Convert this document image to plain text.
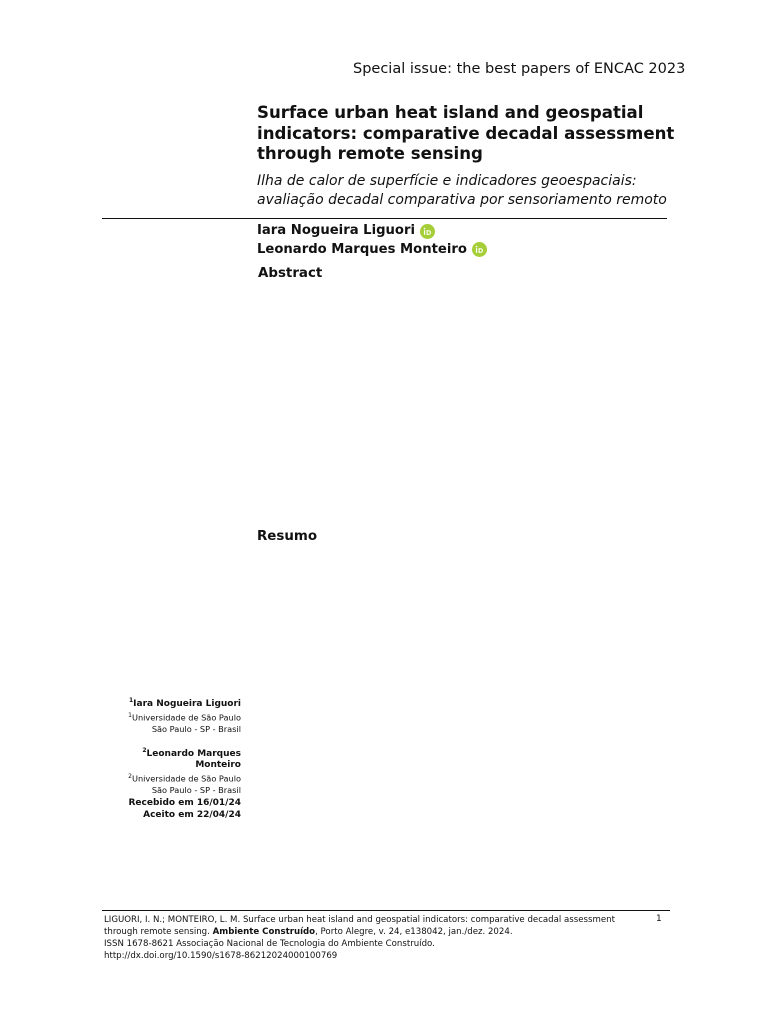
Special issue: the best papers of ENCAC 2023
Surface urban heat island and geospatial indicators: comparative decadal assessment through remote sensing
Ilha de calor de superfície e indicadores geoespaciais: avaliação decadal comparativa por sensoriamento remoto
Iara Nogueira Liguori
Leonardo Marques Monteiro
Abstract
Resumo
$^1$Iara Nogueira Liguori
$^1$Universidade de São Paulo
São Paulo - SP - Brasil
$^2$Leonardo Marques Monteiro
$^2$Universidade de São Paulo
São Paulo - SP - Brasil
Recebido em 16/01/24
Aceito em 22/04/24
LIGUORI, I. N.; MONTEIRO, L. M. Surface urban heat island and geospatial indicators: comparative decadal assessment through remote sensing. Ambiente Construído, Porto Alegre, v. 24, e138042, jan./dez. 2024.
ISSN 1678-8621 Associação Nacional de Tecnologia do Ambiente Construído.
http://dx.doi.org/10.1590/s1678-86212024000100769
1
